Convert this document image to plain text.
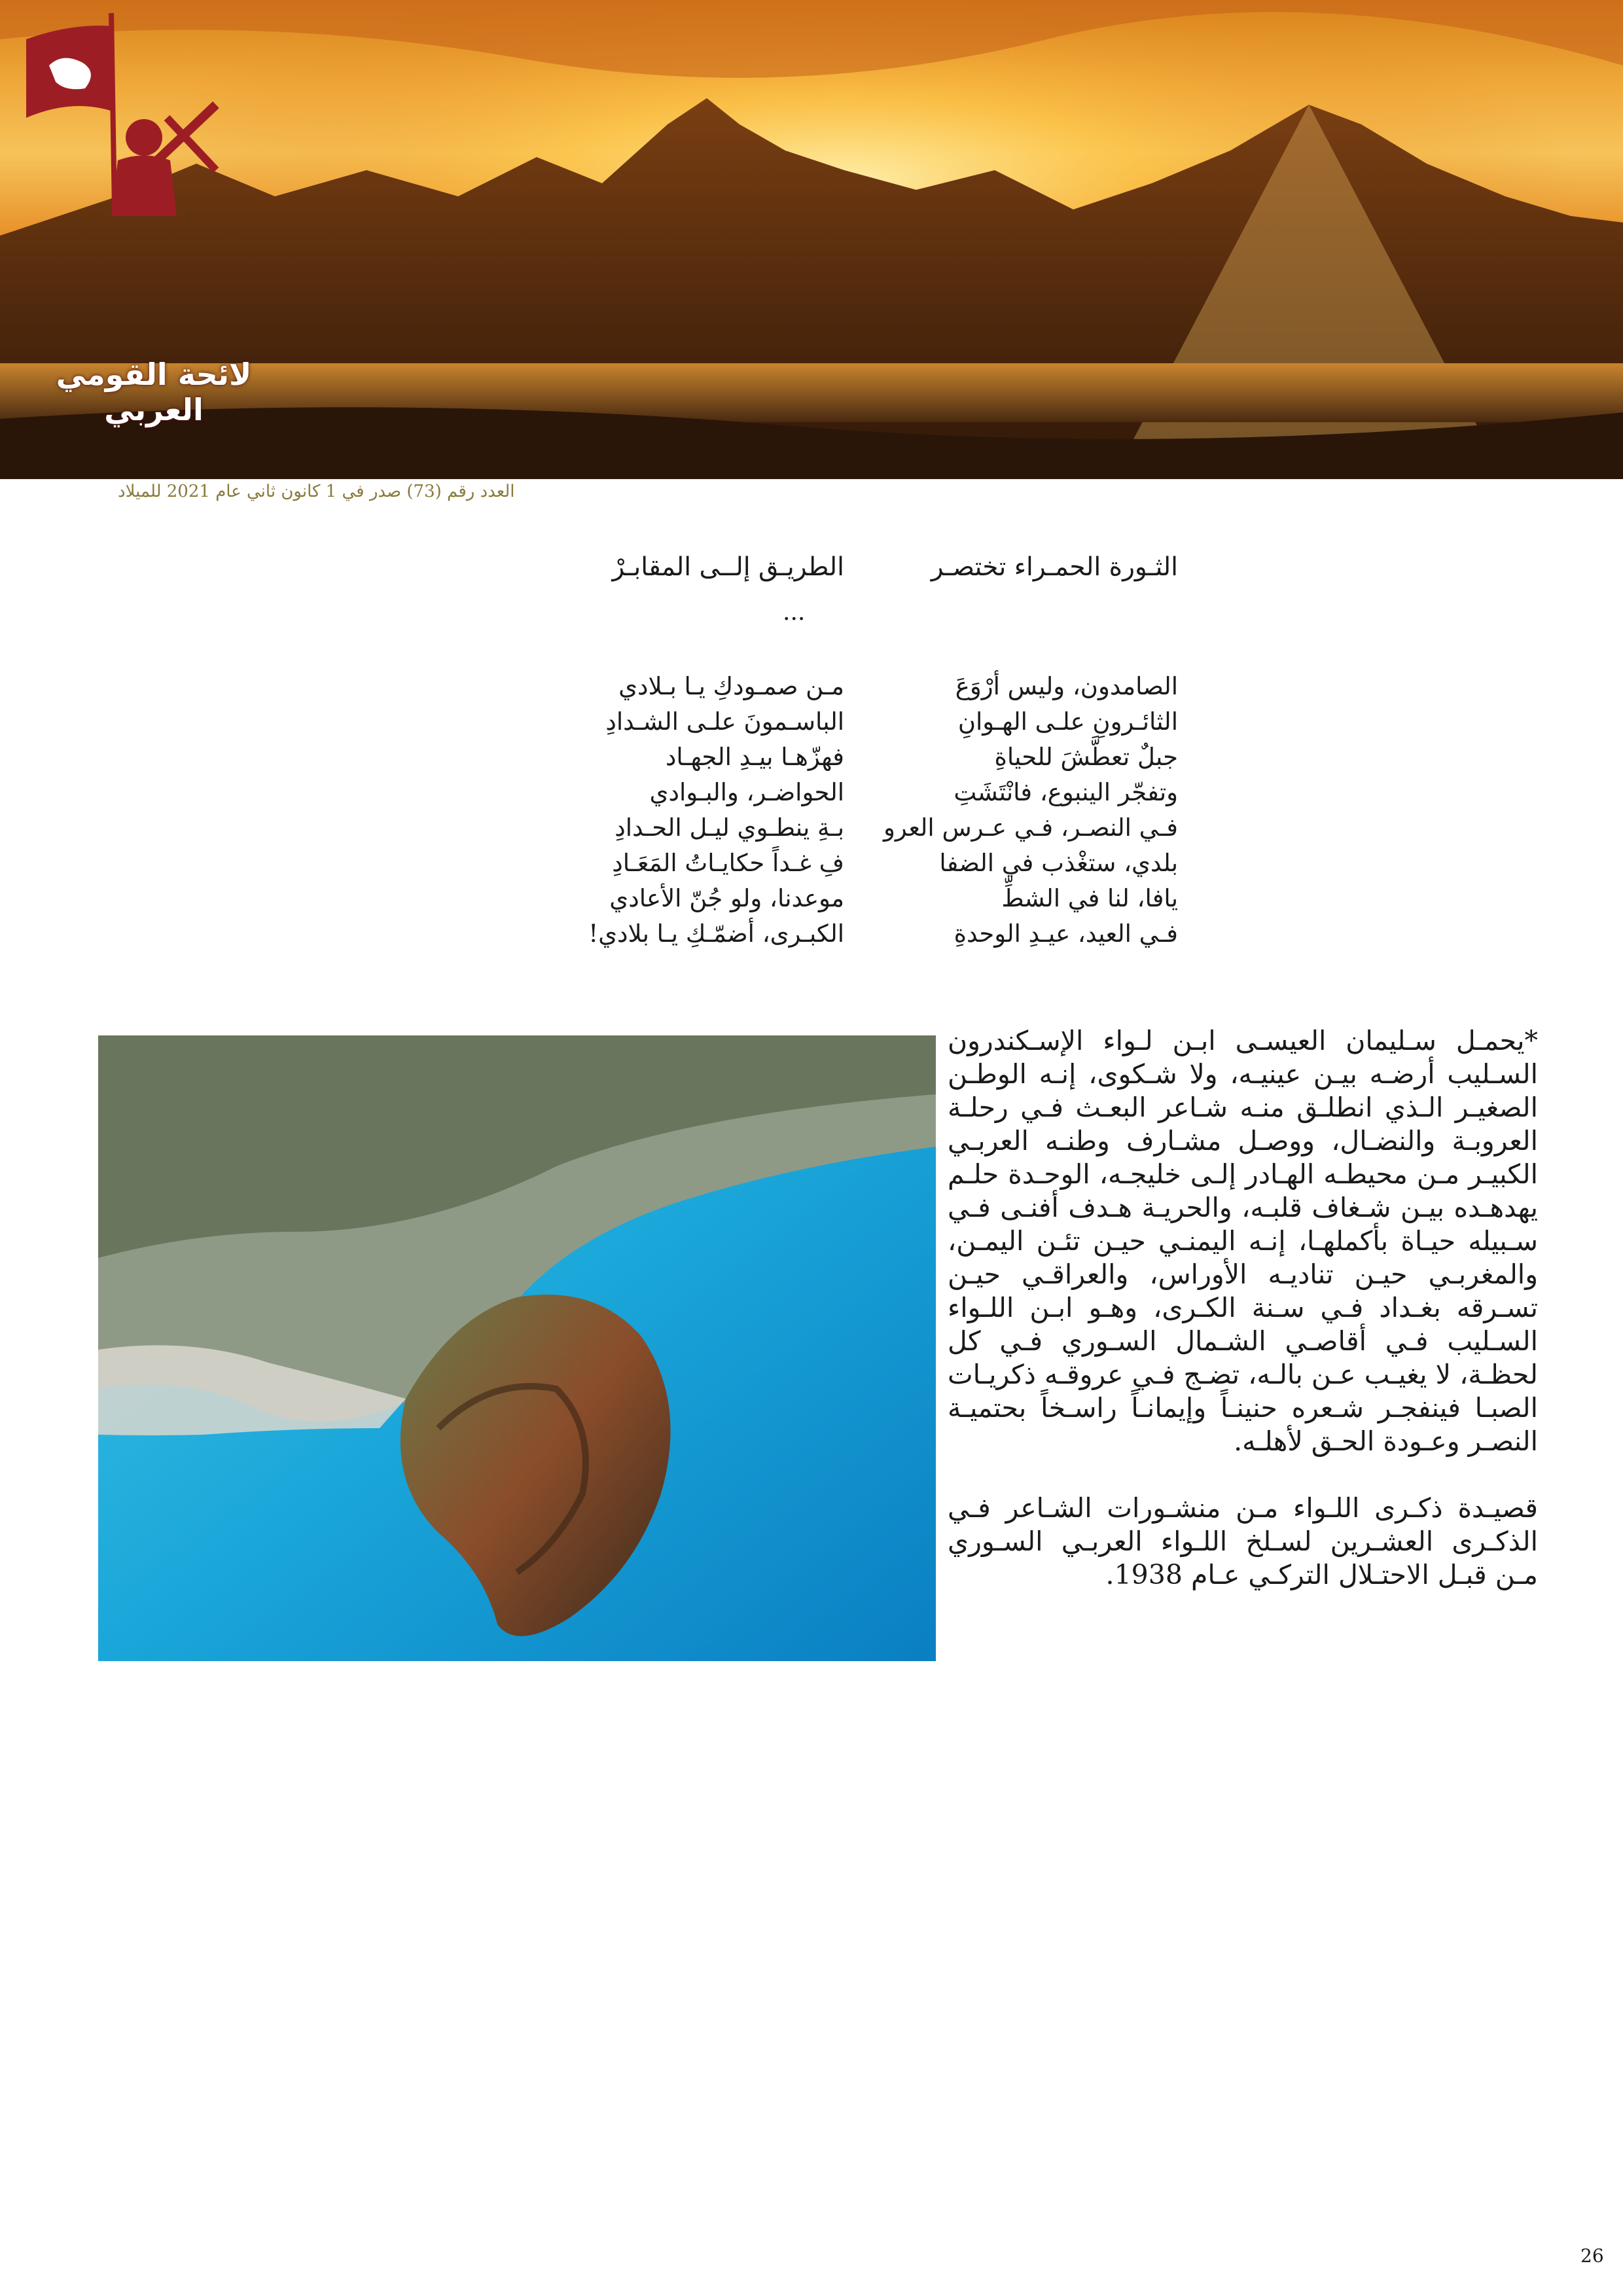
لائحة القومي العربي
العدد رقم (73) صدر في 1 كانون ثاني عام 2021 للميلاد
الثـورة الحمـراء تختصـر
الطريـق إلــى المقابـرْ
...
الصامدون، وليس أرْوَعَ
مـن صمـودكِ يـا بـلادي
الثائـرونِ علـى الهـوانِ
الباسـمونَ علـى الشـدادِ
جبلٌ تعطَّشَ للحياةِ
فهزّهـا بيـدِ الجهـاد
وتفجّر الينبوع، فانْتَشَتِ
الحواضـر، والبـوادي
فـي النصـر، فـي عـرس العرو
بـةِ ينطـوي ليـل الحـدادِ
بلدي، ستغْذب في الضفا
فِ غـداً حكايـاتُ المَعَـادِ
يافا، لنا في الشطِّ
موعدنا، ولو جُنّ الأعادي
فـي العيد، عيـدِ الوحدةِ
الكبـرى، أضمّـكِ يـا بلادي!

*يحمـل سـليمان العيسـى ابـن لـواء الإسـكندرون السـليب أرضـه بيـن عينيـه، ولا شـكوى، إنـه الوطـن الصغيـر الـذي انطلـق منـه شـاعر البعـث فـي رحلـة العروبـة والنضـال، ووصـل مشـارف وطنـه العربـي الكبيـر مـن محيطـه الهـادر إلـى خليجـه، الوحـدة حلـم يهدهـده بيـن شـغاف قلبـه، والحريـة هـدف أفنـى فـي سـبيله حيـاة بأكملهـا، إنـه اليمنـي حيـن تئـن اليمـن، والمغربـي حيـن تناديـه الأوراس، والعراقـي حيـن تسـرقه بغـداد فـي سـنة الكـرى، وهـو ابـن اللـواء السـليب فـي أقاصـي الشـمال السـوري فـي كل لحظـة، لا يغيـب عـن بالـه، تضـج فـي عروقـه ذكريـات الصبـا فينفجـر شـعره حنينـاً وإيمانـاً راسـخاً بحتميـة النصـر وعـودة الحـق لأهلـه.

قصيـدة ذكـرى اللـواء مـن منشـورات الشـاعر فـي الذكـرى العشـرين لسـلخ اللـواء العربـي السـوري مـن قبـل الاحتـلال التركـي عـام 1938.

26
